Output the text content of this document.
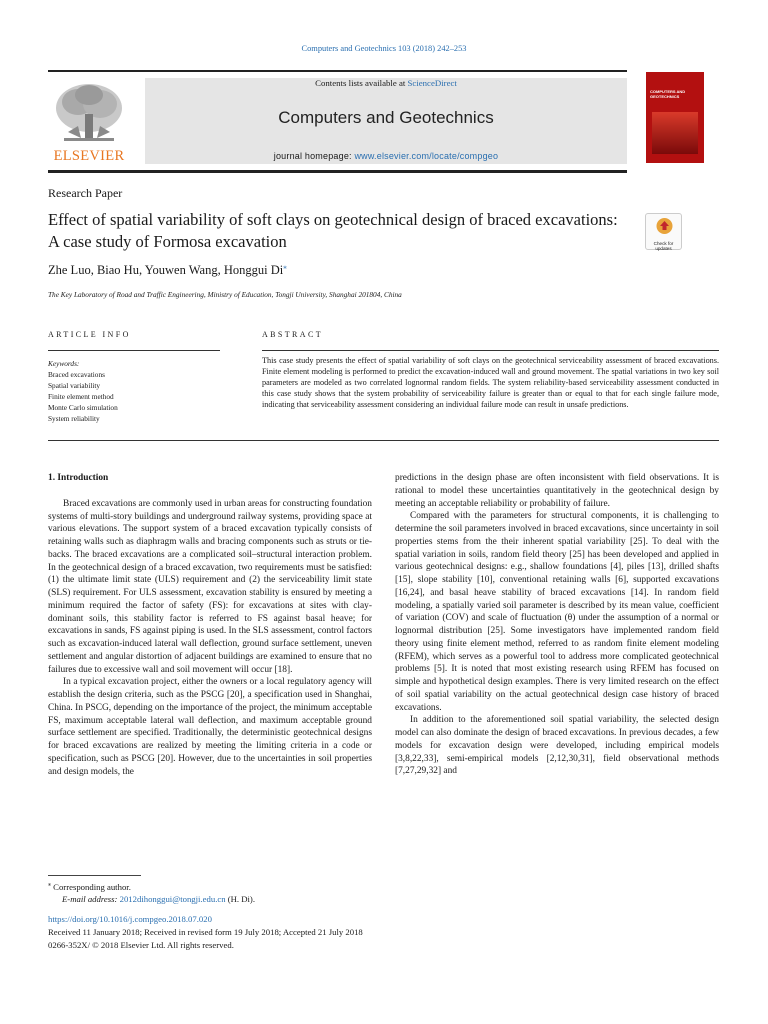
Computers and Geotechnics 103 (2018) 242–253
ELSEVIER
Contents lists available at ScienceDirect
Computers and Geotechnics
journal homepage: www.elsevier.com/locate/compgeo
COMPUTERS AND GEOTECHNICS
Research Paper
Effect of spatial variability of soft clays on geotechnical design of braced excavations: A case study of Formosa excavation	Check for updates
Zhe Luo, Biao Hu, Youwen Wang, Honggui Di⁎
The Key Laboratory of Road and Traffic Engineering, Ministry of Education, Tongji University, Shanghai 201804, China
ARTICLE INFO
Keywords:
Braced excavations
Spatial variability
Finite element method
Monte Carlo simulation
System reliability
ABSTRACT
This case study presents the effect of spatial variability of soft clays on the geotechnical serviceability assessment of braced excavations. Finite element modeling is performed to predict the excavation-induced wall and ground movement. The spatial variations in two key soil parameters are modeled as two correlated lognormal random fields. The system reliability-based serviceability assessment conducted in this case study shows that the system probability of serviceability failure is greater than or equal to that for each single failure mode, indicating that serviceability assessment considering an individual failure mode can result in unsafe predictions.
1. Introduction

Braced excavations are commonly used in urban areas for constructing foundation systems of multi-story buildings and underground railway systems, providing space at various elevations. The support system of a braced excavation typically consists of retaining walls such as diaphragm walls and bracing components such as struts or tie-backs. The braced excavations are a complicated soil–structural interaction problem. In the geotechnical design of a braced excavation, two requirements must be satisfied: (1) the ultimate limit state (ULS) requirement and (2) the serviceability limit state (SLS) requirement. For ULS assessment, excavation stability is ensured by meeting a minimum required the factor of safety (FS): for excavations at sites with clay-dominant soils, this stability factor is referred to FS against basal heave; for excavations in sands, FS against piping is used. In the SLS assessment, control factors such as excavation-induced lateral wall deflection, ground surface settlement, uneven settlement and angular distortion of adjacent buildings are examined to ensure that no failures due to excessive wall and soil movement will occur [18].

In a typical excavation project, either the owners or a local regulatory agency will establish the design criteria, such as the PSCG [20], a specification used in Shanghai, China. In PSCG, depending on the importance of the project, the minimum acceptable FS, maximum acceptable lateral wall deflection, and maximum acceptable ground surface settlement are specified. Traditionally, the deterministic geotechnical designs for braced excavations are realized by meeting the limiting criteria in a code or specification, such as PSCG [20]. However, due to the uncertainties in soil properties and design models, the

predictions in the design phase are often inconsistent with field observations. It is rational to model these uncertainties quantitatively in the geotechnical design by meeting an acceptable reliability or probability of failure.

Compared with the parameters for structural components, it is challenging to determine the soil parameters involved in braced excavations, since uncertainty in soil properties stems from the their inherent spatial variability [25]. To deal with the spatial variation in soils, random field theory [25] has been developed and applied in various geotechnical designs: e.g., shallow foundations [4], piles [13], drilled shafts [15], slope stability [10], conventional retaining walls [6], supported excavations [16,24], and basal heave stability of braced excavations [14]. In random field modeling, a spatially varied soil parameter is described by its mean value, coefficient of variation (COV) and scale of fluctuation (θ) under the assumption of a normal or lognormal distribution [25]. Some investigators have implemented random field theory using finite element method, referred to as random finite element modeling (RFEM), which serves as a powerful tool to address more complicated geotechnical problems [5]. It is noted that most existing research using RFEM has focused on simple and hypothetical design examples. There is very limited research on the effect of soil spatial variability on the actual geotechnical design case history of braced excavations.

In addition to the aforementioned soil spatial variability, the selected design model can also dominate the design of braced excavations. In previous decades, a few models for excavation design were developed, including empirical models [3,8,22,33], semi-empirical models [2,12,30,31], field observational methods [7,27,29,32] and

⁎ Corresponding author.
E-mail address: 2012dihonggui@tongji.edu.cn (H. Di).
https://doi.org/10.1016/j.compgeo.2018.07.020
Received 11 January 2018; Received in revised form 19 July 2018; Accepted 21 July 2018
0266-352X/ © 2018 Elsevier Ltd. All rights reserved.
